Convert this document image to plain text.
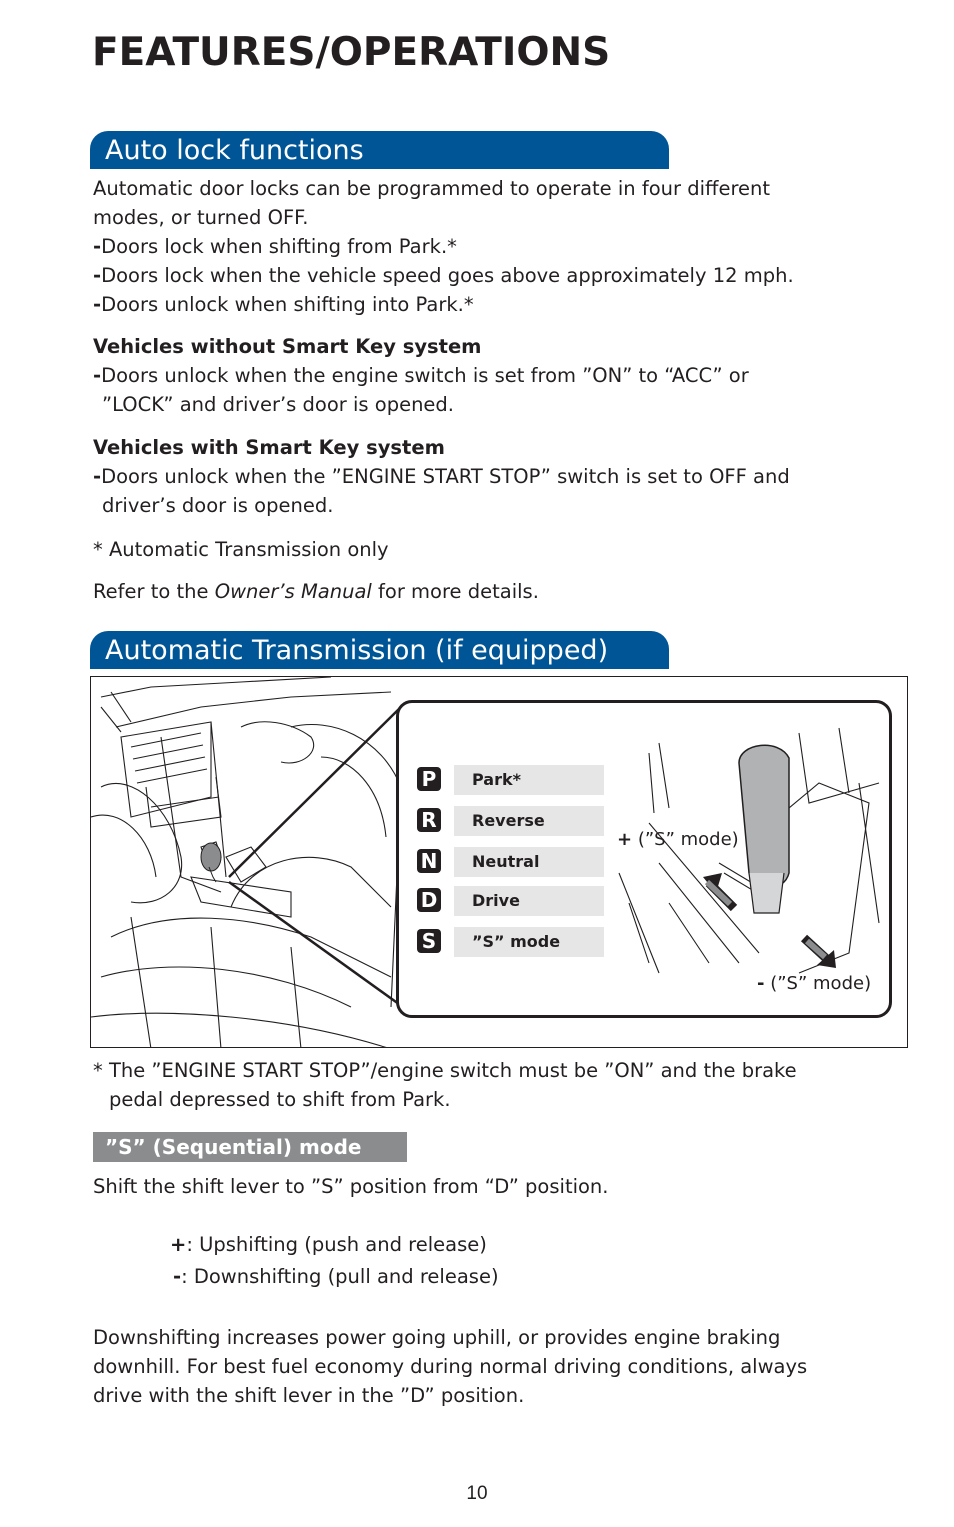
FEATURES/OPERATIONS
Auto lock functions

Automatic door locks can be programmed to operate in four different

modes, or turned OFF.

-Doors lock when shifting from Park.*

-Doors lock when the vehicle speed goes above approximately 12 mph.

-Doors unlock when shifting into Park.*

Vehicles without Smart Key system

-Doors unlock when the engine switch is set from ”ON” to “ACC” or

”LOCK” and driver’s door is opened.

Vehicles with Smart Key system

-Doors unlock when the ”ENGINE START STOP” switch is set to OFF and

driver’s door is opened.

* Automatic Transmission only

Refer to the Owner’s Manual for more details.

Automatic Transmission (if equipped)
P	Park*
R	Reverse
N	Neutral
D	Drive
S	”S” mode
+ (”S” mode)
- (”S” mode)
* The ”ENGINE START STOP”/engine switch must be ”ON” and the brake
pedal depressed to shift from Park.
”S” (Sequential) mode
Shift the shift lever to ”S” position from “D” position.
+: Upshifting (push and release)
-: Downshifting (pull and release)

Downshifting increases power going uphill, or provides engine braking

downhill. For best fuel economy during normal driving conditions, always

drive with the shift lever in the ”D” position.

10
